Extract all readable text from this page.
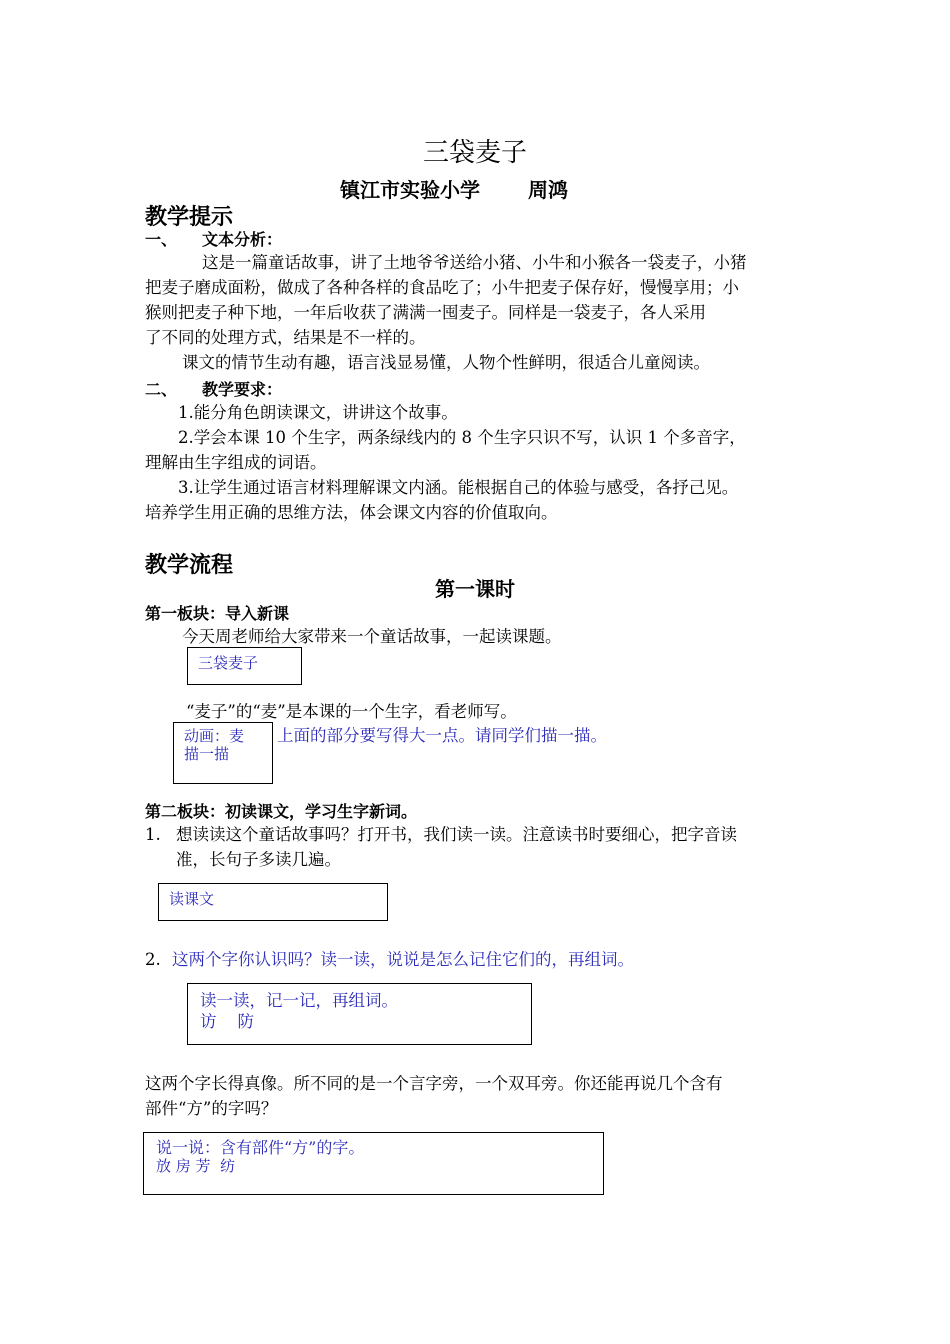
三袋麦子
镇江市实验小学 周鸿
教学提示
一、 文本分析：
这是一篇童话故事，讲了土地爷爷送给小猪、小牛和小猴各一袋麦子，小猪
把麦子磨成面粉，做成了各种各样的食品吃了；小牛把麦子保存好，慢慢享用；小
猴则把麦子种下地，一年后收获了满满一囤麦子。同样是一袋麦子，各人采用
了不同的处理方式，结果是不一样的。
课文的情节生动有趣，语言浅显易懂，人物个性鲜明，很适合儿童阅读。
二、 教学要求：
1.能分角色朗读课文，讲讲这个故事。
2.学会本课 10 个生字，两条绿线内的 8 个生字只识不写，认识 1 个多音字，
理解由生字组成的词语。
3.让学生通过语言材料理解课文内涵。能根据自己的体验与感受，各抒己见。
培养学生用正确的思维方法，体会课文内容的价值取向。
教学流程
第一课时
第一板块：导入新课
今天周老师给大家带来一个童话故事，一起读课题。
三袋麦子
“麦子”的“麦”是本课的一个生字，看老师写。
动画：麦
描一描
上面的部分要写得大一点。请同学们描一描。
第二板块：初读课文，学习生字新词。
1. 想读读这个童话故事吗？打开书，我们读一读。注意读书时要细心，把字音读
准，长句子多读几遍。
读课文
2. 这两个字你认识吗？读一读，说说是怎么记住它们的，再组词。
读一读，记一记，再组词。
访    防
这两个字长得真像。所不同的是一个言字旁，一个双耳旁。你还能再说几个含有
部件“方”的字吗？
说一说：含有部件“方”的字。
放 房 芳  纺
